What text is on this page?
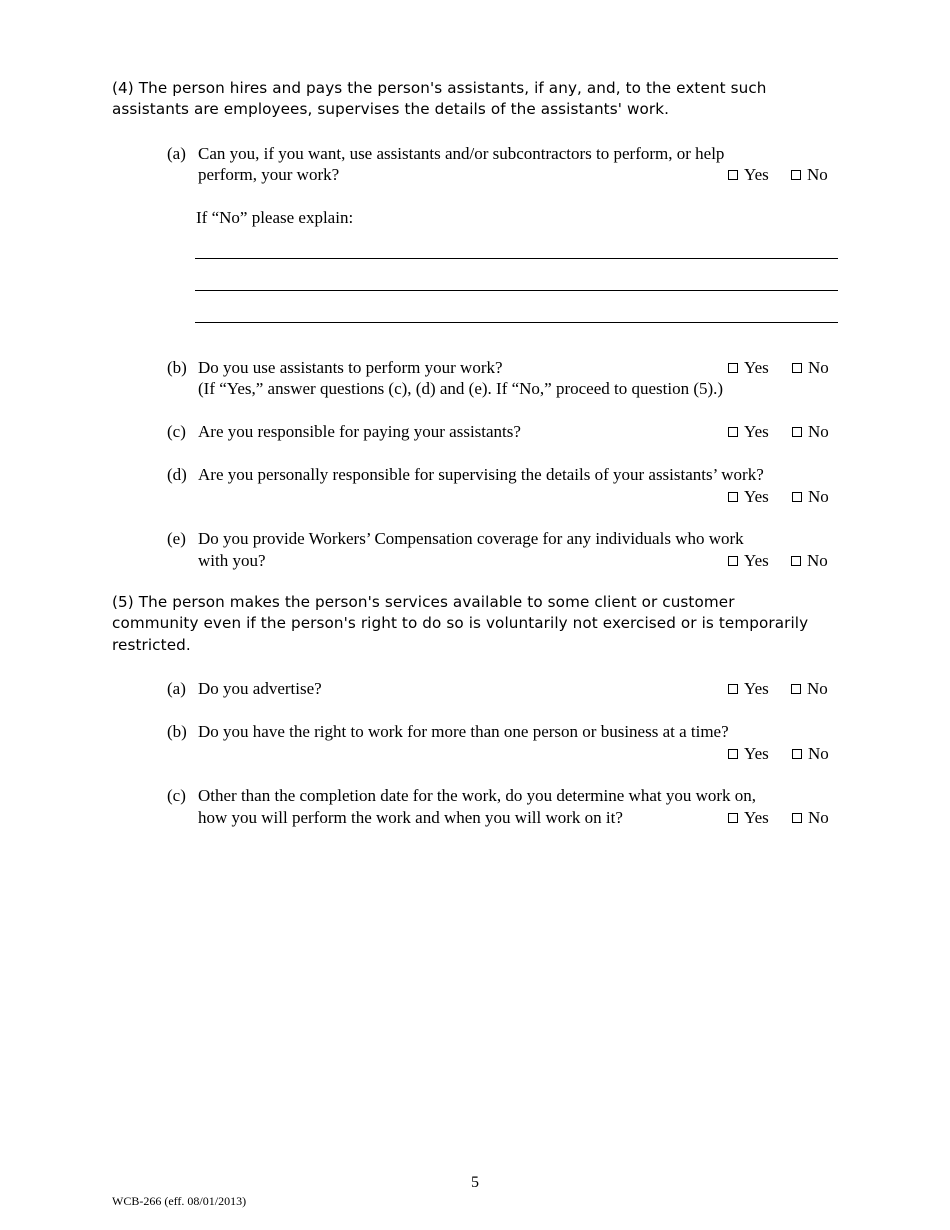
(4) The person hires and pays the person's assistants, if any, and, to the extent such
assistants are employees, supervises the details of the assistants' work.
(a) Can you, if you want, use assistants and/or subcontractors to perform, or help
perform, your work?	Yes	No
If “No” please explain:
(b) Do you use assistants to perform your work?
(If “Yes,” answer questions (c), (d) and (e). If “No,” proceed to question (5).)
Yes	No
(c) Are you responsible for paying your assistants?	Yes	No
(d) Are you personally responsible for supervising the details of your assistants’ work?
Yes	No
(e) Do you provide Workers’ Compensation coverage for any individuals who work
with you?	Yes	No
(5) The person makes the person's services available to some client or customer
community even if the person's right to do so is voluntarily not exercised or is temporarily
restricted.
(a) Do you advertise?	Yes	No
(b) Do you have the right to work for more than one person or business at a time?
Yes	No
(c) Other than the completion date for the work, do you determine what you work on,
how you will perform the work and when you will work on it?	Yes	No
5
WCB-266 (eff. 08/01/2013)
